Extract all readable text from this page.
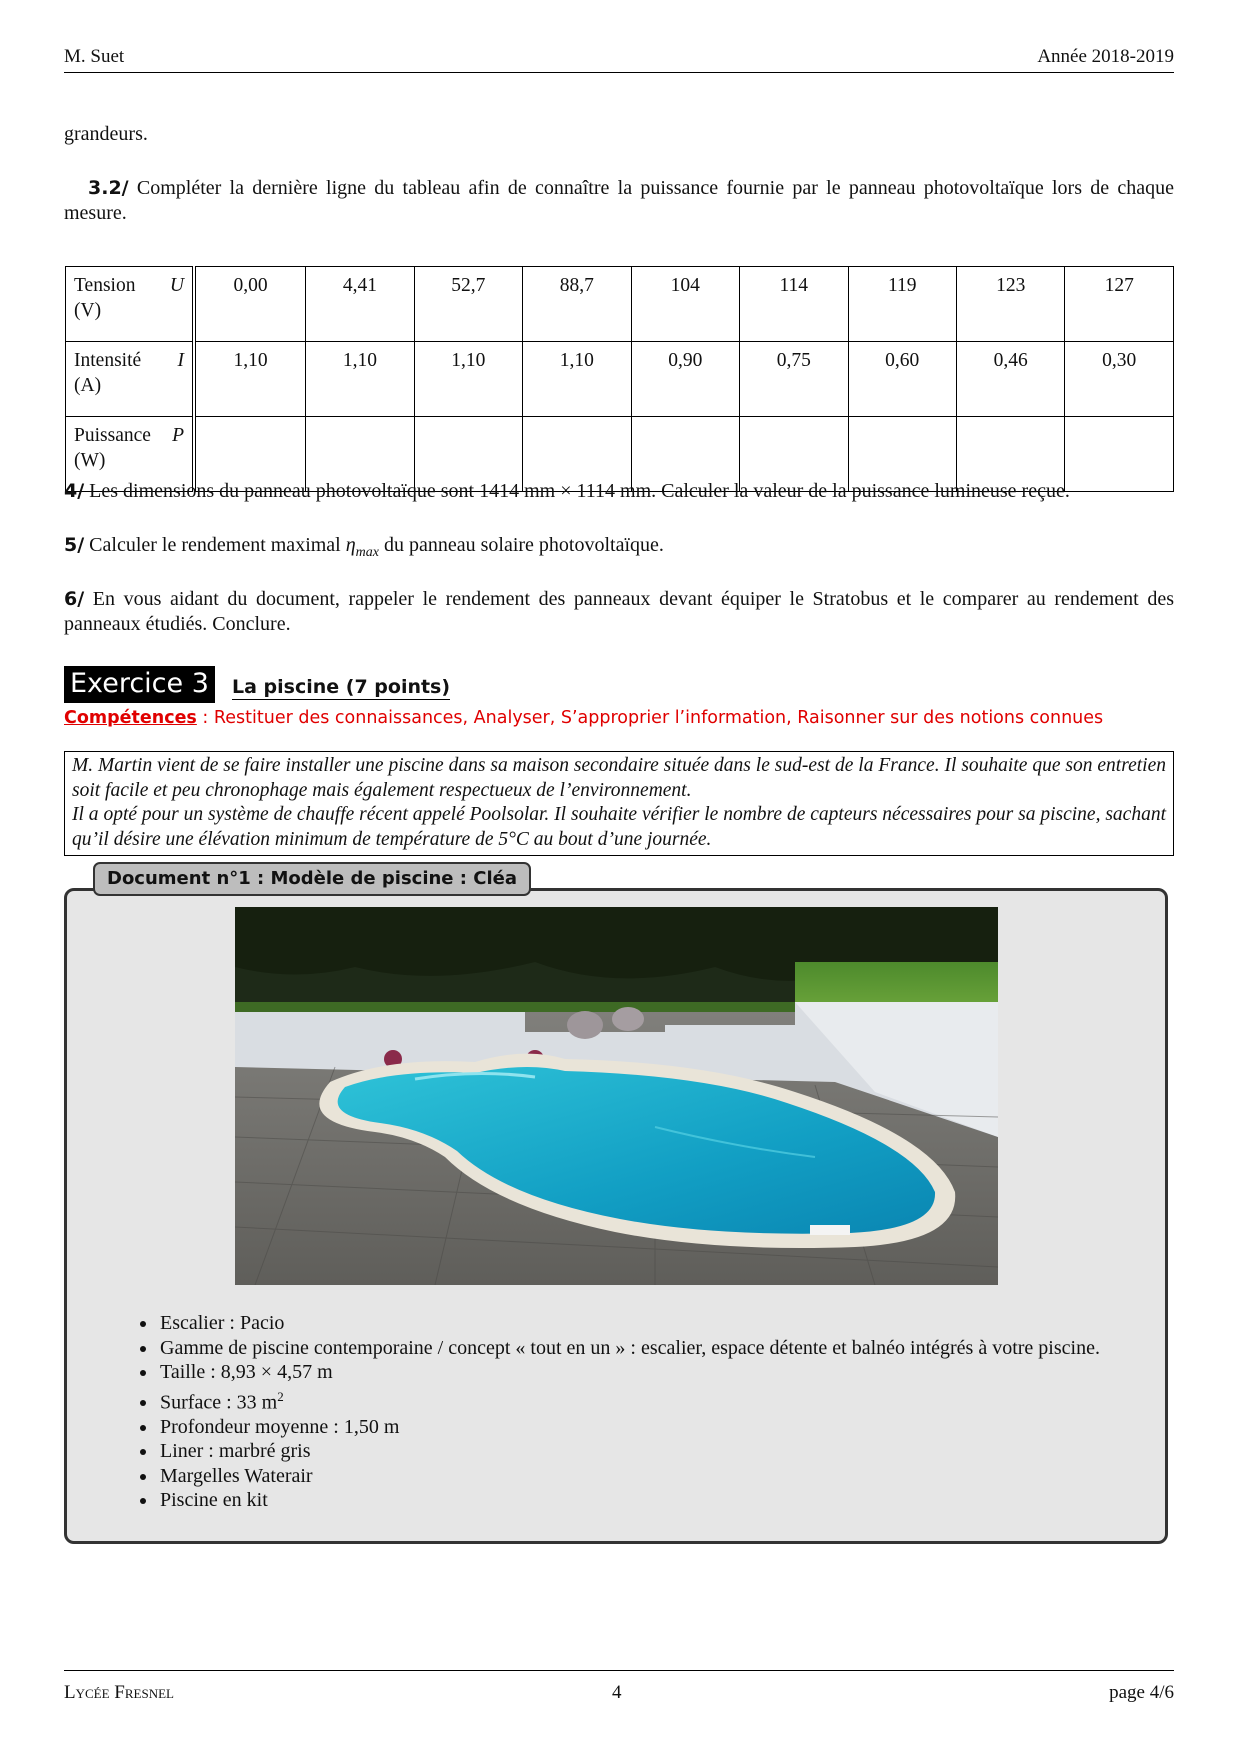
M. Suet	Année 2018-2019
grandeurs.
3.2/ Compléter la dernière ligne du tableau afin de connaître la puissance fournie par le panneau photovoltaïque lors de chaque mesure.
Tension U
(V)	0,00	4,41	52,7	88,7	104	114	119	123	127

Intensité I
(A)	1,10	1,10	1,10	1,10	0,90	0,75	0,60	0,46	0,30

Puissance P
(W)									

4/ Les dimensions du panneau photovoltaïque sont 1414 mm × 1114 mm. Calculer la valeur de la puissance lumineuse reçue.
5/ Calculer le rendement maximal $\eta_{max}$ du panneau solaire photovoltaïque.
6/ En vous aidant du document, rappeler le rendement des panneaux devant équiper le Stratobus et le comparer au rendement des panneaux étudiés. Conclure.
Exercice 3	La piscine (7 points)
Compétences : Restituer des connaissances, Analyser, S’approprier l’information, Raisonner sur des notions connues
M. Martin vient de se faire installer une piscine dans sa maison secondaire située dans le sud-est de la France. Il souhaite que son entretien soit facile et peu chronophage mais également respectueux de l’environnement.
Il a opté pour un système de chauffe récent appelé Poolsolar. Il souhaite vérifier le nombre de capteurs nécessaires pour sa piscine, sachant qu’il désire une élévation minimum de température de 5°C au bout d’une journée.
Document n°1 : Modèle de piscine : Cléa
• Escalier : Pacio
• Gamme de piscine contemporaine / concept « tout en un » : escalier, espace détente et balnéo intégrés à votre piscine.
• Taille : 8,93 × 4,57 m
• Surface : 33 $m^2$
• Profondeur moyenne : 1,50 m
• Liner : marbré gris
• Margelles Waterair
• Piscine en kit
Lycée Fresnel	4	page 4/6
